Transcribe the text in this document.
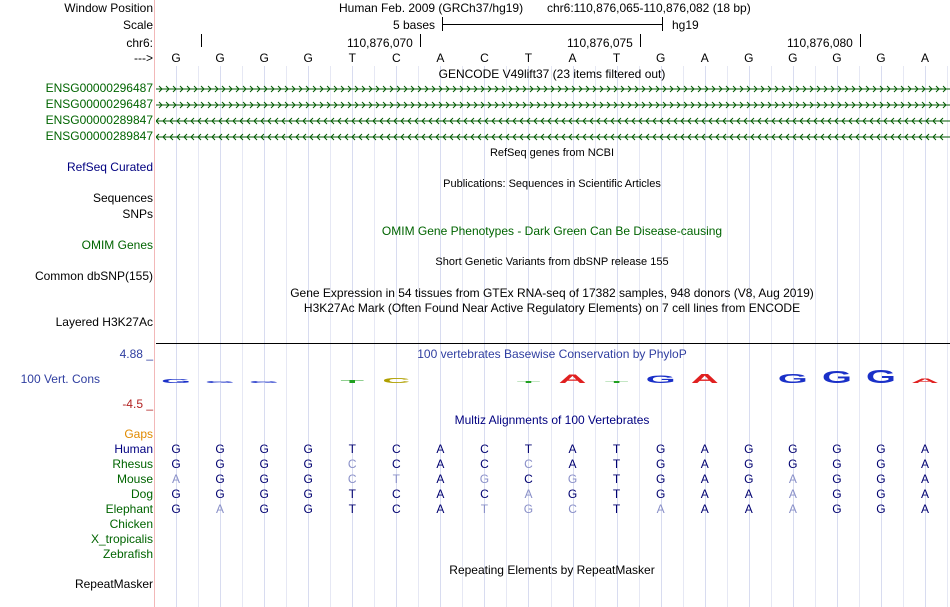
Window Position
Scale
chr6:
--->
Human Feb. 2009 (GRCh37/hg19) chr6:110,876,065-110,876,082 (18 bp)
5 bases	hg19
110,876,070	110,876,075	110,876,080
G	G	G	G	T	C	A	C	T	A	T	G	A	G	G	G	G	A
GENCODE V49lift37 (23 items filtered out)
ENSG00000296487
ENSG00000296487
ENSG00000289847
ENSG00000289847
RefSeq genes from NCBI
RefSeq Curated
Publications: Sequences in Scientific Articles
Sequences
SNPs
OMIM Gene Phenotypes - Dark Green Can Be Disease-causing
OMIM Genes
Short Genetic Variants from dbSNP release 155
Common dbSNP(155)
Gene Expression in 54 tissues from GTEx RNA-seq of 17382 samples, 948 donors (V8, Aug 2019)
H3K27Ac Mark (Often Found Near Active Regulatory Elements) on 7 cell lines from ENCODE
Layered H3K27Ac
100 vertebrates Basewise Conservation by PhyloP
4.88 _
100 Vert. Cons
-4.5 _
G G G	T C	T A T G A	G G G A
Multiz Alignments of 100 Vertebrates
Gaps
Human G	G	G	G	T	C	A	C	T	A	T	G	A	G	G	G	G	A
Rhesus G	G	G	G	C	C	A	C	C	A	T	G	A	G	G	G	G	A
Mouse	A	G	G	G	C	T	A	G	C	G	T	G	A	G	A	G	G	A
Dog G	G	G	G	T	C	A	C	A	G	T	G	A	A	A	G	G	A
Elephant G	A	G	G	T	C	A	T	G	C	T	A	A	A	A	G	G	A
Chicken
X_tropicalis
Zebrafish
Repeating Elements by RepeatMasker
RepeatMasker
